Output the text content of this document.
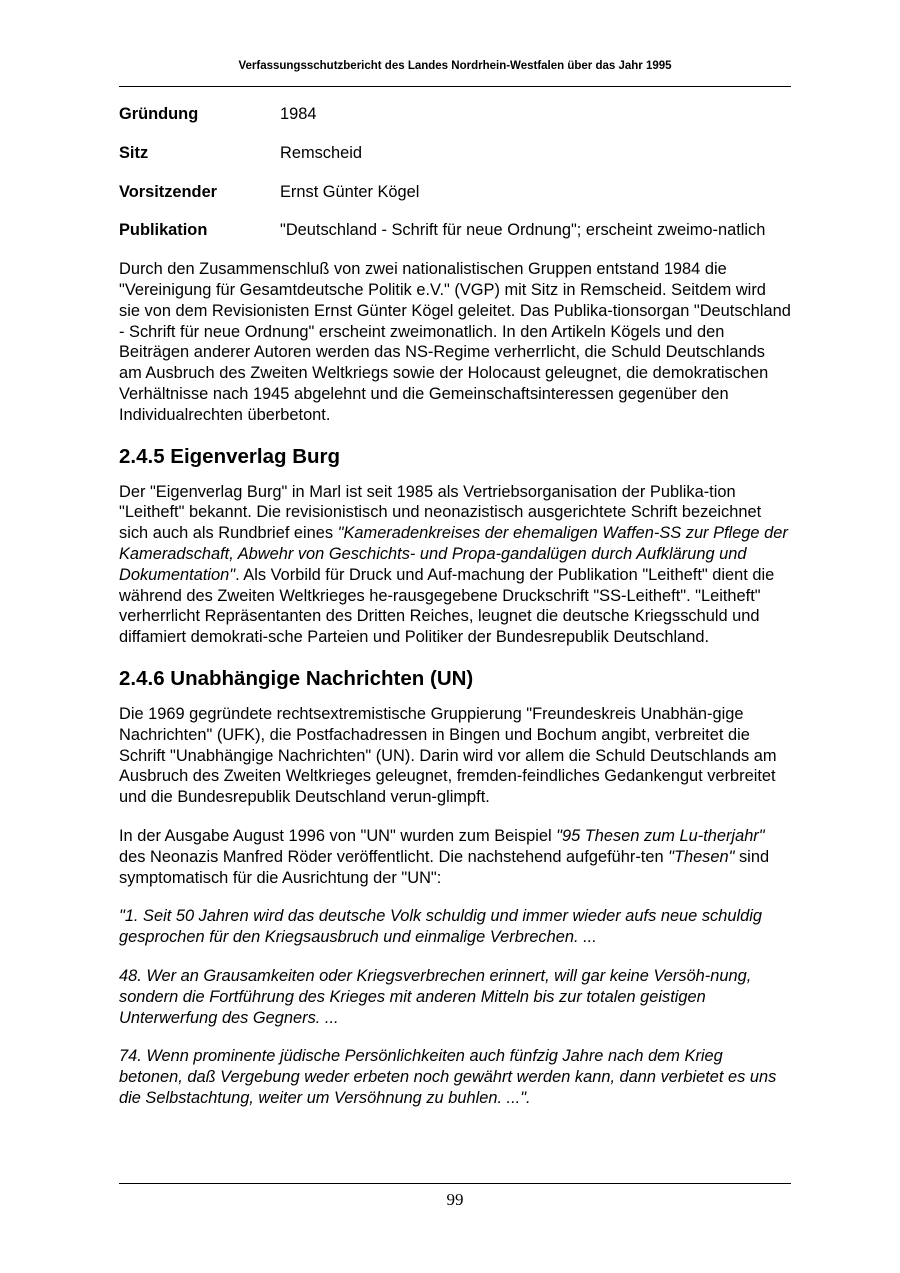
Verfassungsschutzbericht des Landes Nordrhein-Westfalen über das Jahr 1995
Gründung	1984
Sitz	Remscheid
Vorsitzender	Ernst Günter Kögel
Publikation	"Deutschland - Schrift für neue Ordnung"; erscheint zweimo-natlich

Durch den Zusammenschluß von zwei nationalistischen Gruppen entstand 1984 die "Vereinigung für Gesamtdeutsche Politik e.V." (VGP) mit Sitz in Remscheid. Seitdem wird sie von dem Revisionisten Ernst Günter Kögel geleitet. Das Publika-tionsorgan "Deutschland - Schrift für neue Ordnung" erscheint zweimonatlich. In den Artikeln Kögels und den Beiträgen anderer Autoren werden das NS-Regime verherrlicht, die Schuld Deutschlands am Ausbruch des Zweiten Weltkriegs sowie der Holocaust geleugnet, die demokratischen Verhältnisse nach 1945 abgelehnt und die Gemeinschaftsinteressen gegenüber den Individualrechten überbetont.

2.4.5 Eigenverlag Burg

Der "Eigenverlag Burg" in Marl ist seit 1985 als Vertriebsorganisation der Publika-tion "Leitheft" bekannt. Die revisionistisch und neonazistisch ausgerichtete Schrift bezeichnet sich auch als Rundbrief eines "Kameradenkreises der ehemaligen Waffen-SS zur Pflege der Kameradschaft, Abwehr von Geschichts- und Propa-gandalügen durch Aufklärung und Dokumentation". Als Vorbild für Druck und Auf-machung der Publikation "Leitheft" dient die während des Zweiten Weltkrieges he-rausgegebene Druckschrift "SS-Leitheft". "Leitheft" verherrlicht Repräsentanten des Dritten Reiches, leugnet die deutsche Kriegsschuld und diffamiert demokrati-sche Parteien und Politiker der Bundesrepublik Deutschland.

2.4.6 Unabhängige Nachrichten (UN)

Die 1969 gegründete rechtsextremistische Gruppierung "Freundeskreis Unabhän-gige Nachrichten" (UFK), die Postfachadressen in Bingen und Bochum angibt, verbreitet die Schrift "Unabhängige Nachrichten" (UN). Darin wird vor allem die Schuld Deutschlands am Ausbruch des Zweiten Weltkrieges geleugnet, fremden-feindliches Gedankengut verbreitet und die Bundesrepublik Deutschland verun-glimpft.

In der Ausgabe August 1996 von "UN" wurden zum Beispiel "95 Thesen zum Lu-therjahr" des Neonazis Manfred Röder veröffentlicht. Die nachstehend aufgeführ-ten "Thesen" sind symptomatisch für die Ausrichtung der "UN":

"1. Seit 50 Jahren wird das deutsche Volk schuldig und immer wieder aufs neue schuldig gesprochen für den Kriegsausbruch und einmalige Verbrechen. ...

48. Wer an Grausamkeiten oder Kriegsverbrechen erinnert, will gar keine Versöh-nung, sondern die Fortführung des Krieges mit anderen Mitteln bis zur totalen geistigen Unterwerfung des Gegners. ...

74. Wenn prominente jüdische Persönlichkeiten auch fünfzig Jahre nach dem Krieg betonen, daß Vergebung weder erbeten noch gewährt werden kann, dann verbietet es uns die Selbstachtung, weiter um Versöhnung zu buhlen. ...".

99
